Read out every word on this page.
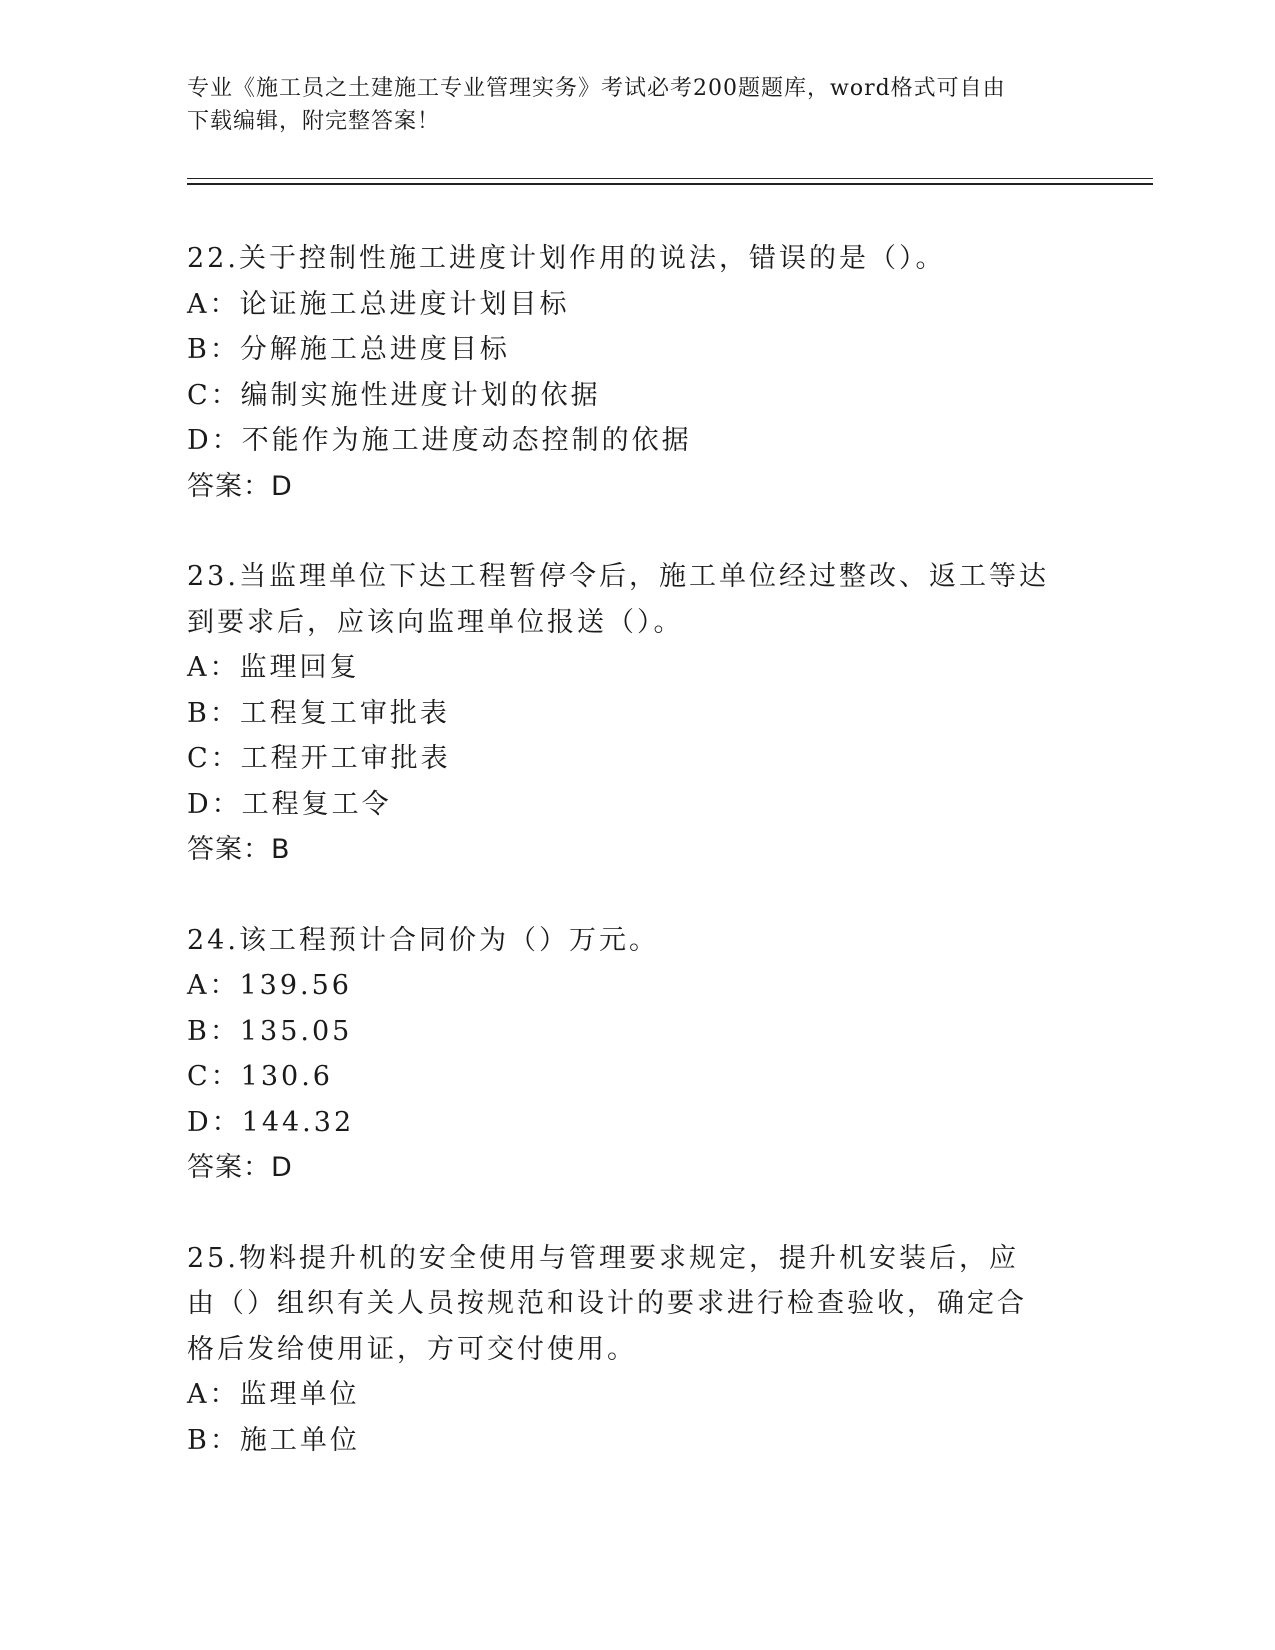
专业《施工员之土建施工专业管理实务》考试必考200题题库，word格式可自由
下载编辑，附完整答案！
22.关于控制性施工进度计划作用的说法，错误的是（）。
A：论证施工总进度计划目标
B：分解施工总进度目标
C：编制实施性进度计划的依据
D：不能作为施工进度动态控制的依据
答案：D
23.当监理单位下达工程暂停令后，施工单位经过整改、返工等达到要求后，应该向监理单位报送（）。
A：监理回复
B：工程复工审批表
C：工程开工审批表
D：工程复工令
答案：B
24.该工程预计合同价为（）万元。
A：139.56
B：135.05
C：130.6
D：144.32
答案：D
25.物料提升机的安全使用与管理要求规定，提升机安装后，应由（）组织有关人员按规范和设计的要求进行检查验收，确定合格后发给使用证，方可交付使用。
A：监理单位
B：施工单位
